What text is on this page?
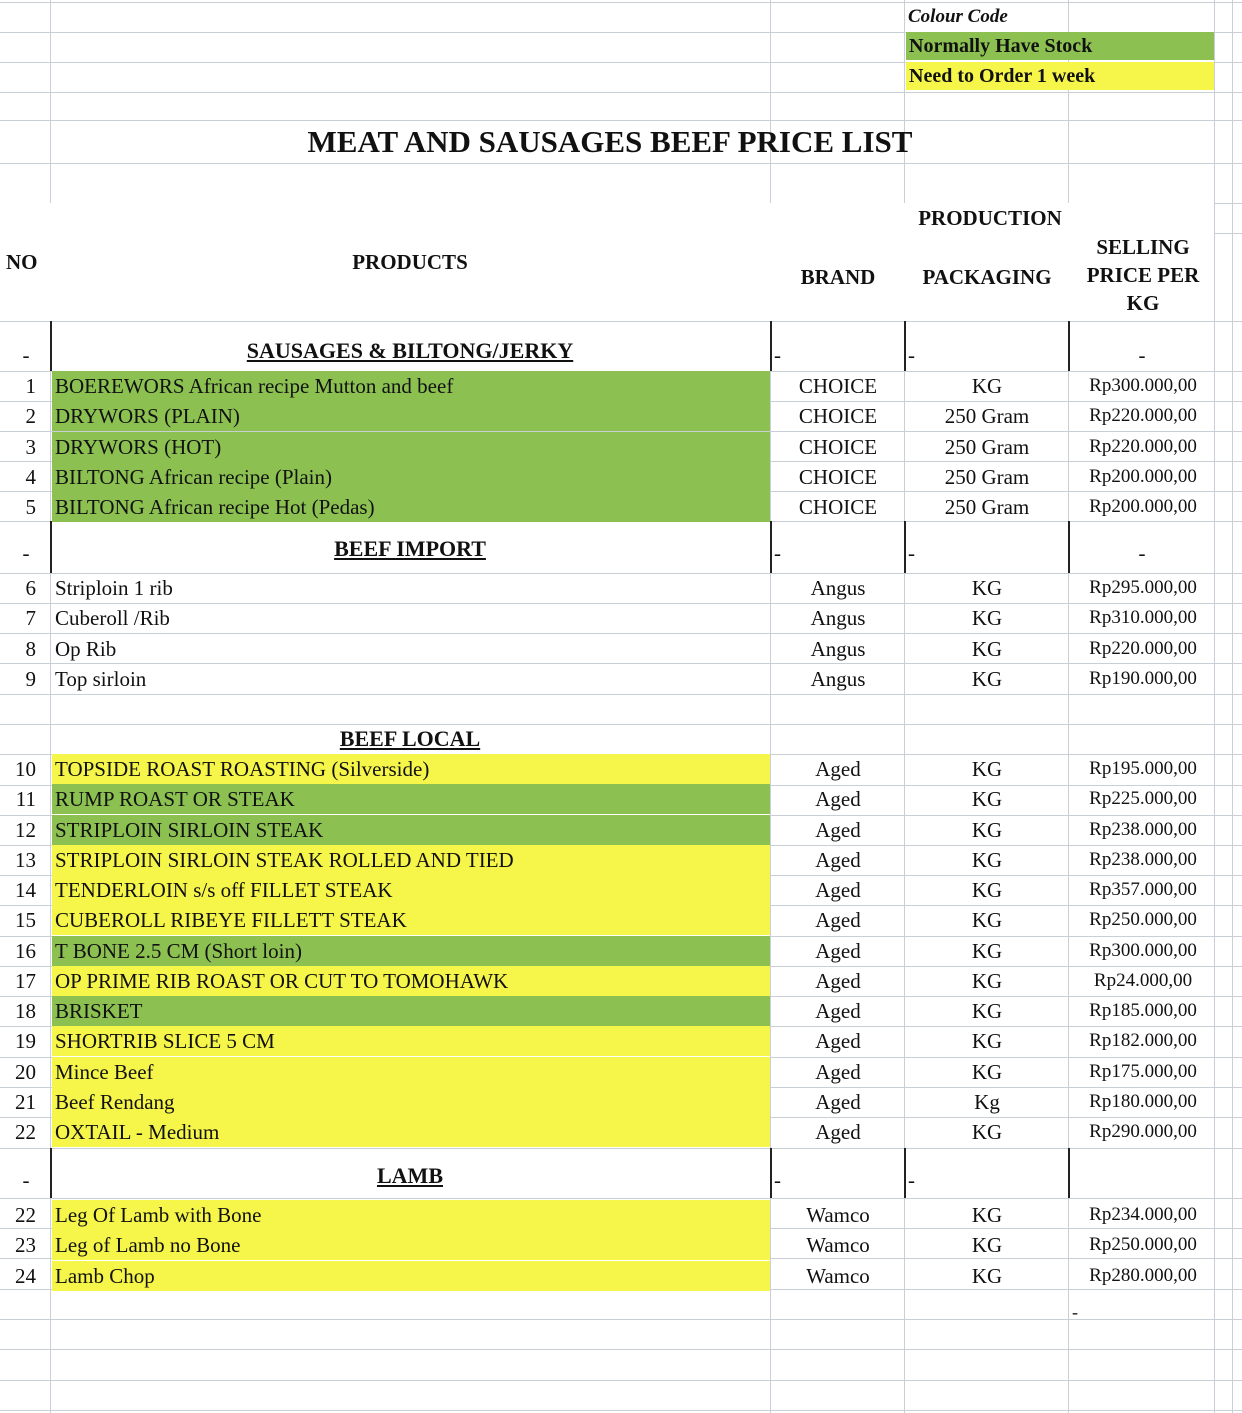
Colour Code
Normally Have Stock
Need to Order 1 week
MEAT AND SAUSAGES BEEF PRICE LIST
NO	PRODUCTS
PRODUCTION
BRAND	PACKAGING
SELLING
PRICE PER
KG
SAUSAGES & BILTONG/JERKY
-	-	-	-
1 BOEREWORS African recipe Mutton and beef	CHOICE	KG	Rp300.000,00
2 DRYWORS (PLAIN)	CHOICE	250 Gram	Rp220.000,00
3 DRYWORS (HOT)	CHOICE	250 Gram	Rp220.000,00
4 BILTONG African recipe (Plain)	CHOICE	250 Gram	Rp200.000,00
5 BILTONG African recipe Hot (Pedas)	CHOICE	250 Gram	Rp200.000,00
BEEF IMPORT
-	-	-	-
6 Striploin 1 rib	Angus	KG	Rp295.000,00
7 Cuberoll /Rib	Angus	KG	Rp310.000,00
8 Op Rib	Angus	KG	Rp220.000,00
9 Top sirloin	Angus	KG	Rp190.000,00
BEEF LOCAL
10 TOPSIDE ROAST ROASTING (Silverside)	Aged	KG	Rp195.000,00
11 RUMP ROAST OR STEAK	Aged	KG	Rp225.000,00
12 STRIPLOIN SIRLOIN STEAK	Aged	KG	Rp238.000,00
13 STRIPLOIN SIRLOIN STEAK ROLLED AND TIED	Aged	KG	Rp238.000,00
14 TENDERLOIN s/s off FILLET STEAK	Aged	KG	Rp357.000,00
15 CUBEROLL RIBEYE FILLETT STEAK	Aged	KG	Rp250.000,00
16 T BONE 2.5 CM (Short loin)	Aged	KG	Rp300.000,00
17 OP PRIME RIB ROAST OR CUT TO TOMOHAWK	Aged	KG	Rp24.000,00
18 BRISKET	Aged	KG	Rp185.000,00
19 SHORTRIB SLICE 5 CM	Aged	KG	Rp182.000,00
20 Mince Beef	Aged	KG	Rp175.000,00
21 Beef Rendang	Aged	Kg	Rp180.000,00
22 OXTAIL - Medium	Aged	KG	Rp290.000,00
LAMB
-	-	-
22 Leg Of Lamb with Bone	Wamco	KG	Rp234.000,00
23 Leg of Lamb no Bone	Wamco	KG	Rp250.000,00
24 Lamb Chop	Wamco	KG	Rp280.000,00
-
